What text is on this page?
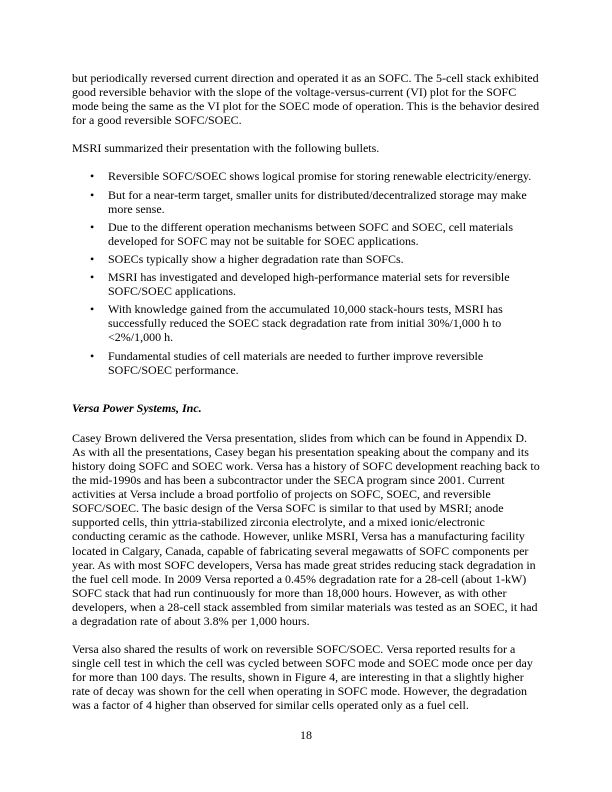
but periodically reversed current direction and operated it as an SOFC. The 5-cell stack exhibited good reversible behavior with the slope of the voltage-versus-current (VI) plot for the SOFC mode being the same as the VI plot for the SOEC mode of operation. This is the behavior desired for a good reversible SOFC/SOEC.

MSRI summarized their presentation with the following bullets.

• Reversible SOFC/SOEC shows logical promise for storing renewable electricity/energy.
• But for a near-term target, smaller units for distributed/decentralized storage may make more sense.
• Due to the different operation mechanisms between SOFC and SOEC, cell materials developed for SOFC may not be suitable for SOEC applications.
• SOECs typically show a higher degradation rate than SOFCs.
• MSRI has investigated and developed high-performance material sets for reversible SOFC/SOEC applications.
• With knowledge gained from the accumulated 10,000 stack-hours tests, MSRI has successfully reduced the SOEC stack degradation rate from initial 30%/1,000 h to <2%/1,000 h.
• Fundamental studies of cell materials are needed to further improve reversible SOFC/SOEC performance.

Versa Power Systems, Inc.

Casey Brown delivered the Versa presentation, slides from which can be found in Appendix D. As with all the presentations, Casey began his presentation speaking about the company and its history doing SOFC and SOEC work. Versa has a history of SOFC development reaching back to the mid-1990s and has been a subcontractor under the SECA program since 2001. Current activities at Versa include a broad portfolio of projects on SOFC, SOEC, and reversible SOFC/SOEC. The basic design of the Versa SOFC is similar to that used by MSRI; anode supported cells, thin yttria-stabilized zirconia electrolyte, and a mixed ionic/electronic conducting ceramic as the cathode. However, unlike MSRI, Versa has a manufacturing facility located in Calgary, Canada, capable of fabricating several megawatts of SOFC components per year. As with most SOFC developers, Versa has made great strides reducing stack degradation in the fuel cell mode. In 2009 Versa reported a 0.45% degradation rate for a 28-cell (about 1-kW) SOFC stack that had run continuously for more than 18,000 hours. However, as with other developers, when a 28-cell stack assembled from similar materials was tested as an SOEC, it had a degradation rate of about 3.8% per 1,000 hours.

Versa also shared the results of work on reversible SOFC/SOEC. Versa reported results for a single cell test in which the cell was cycled between SOFC mode and SOEC mode once per day for more than 100 days. The results, shown in Figure 4, are interesting in that a slightly higher rate of decay was shown for the cell when operating in SOFC mode. However, the degradation was a factor of 4 higher than observed for similar cells operated only as a fuel cell.

18
